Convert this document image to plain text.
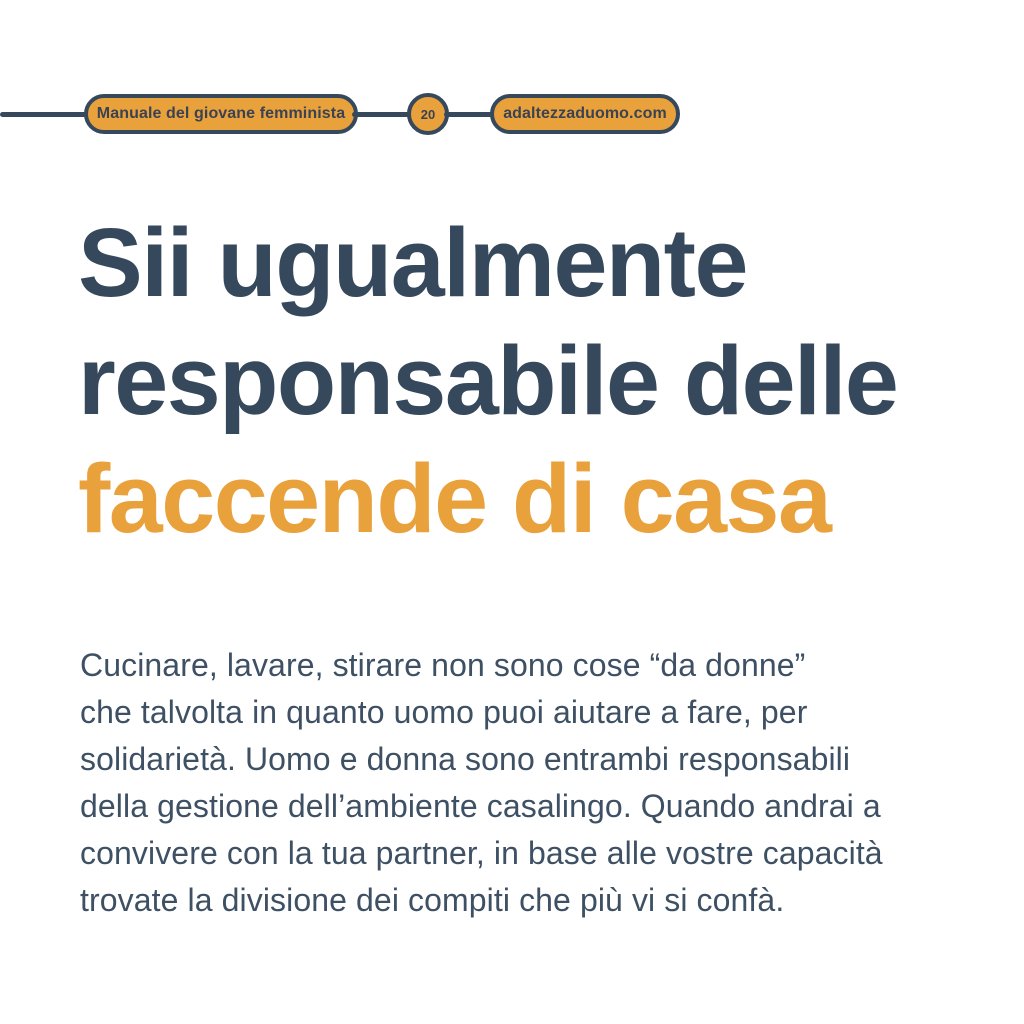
Manuale del giovane femminista	20	adaltezzaduomo.com
Sii ugualmente
responsabile delle
faccende di casa
Cucinare, lavare, stirare non sono cose “da donne”
che talvolta in quanto uomo puoi aiutare a fare, per
solidarietà. Uomo e donna sono entrambi responsabili
della gestione dell’ambiente casalingo. Quando andrai a
convivere con la tua partner, in base alle vostre capacità
trovate la divisione dei compiti che più vi si confà.
